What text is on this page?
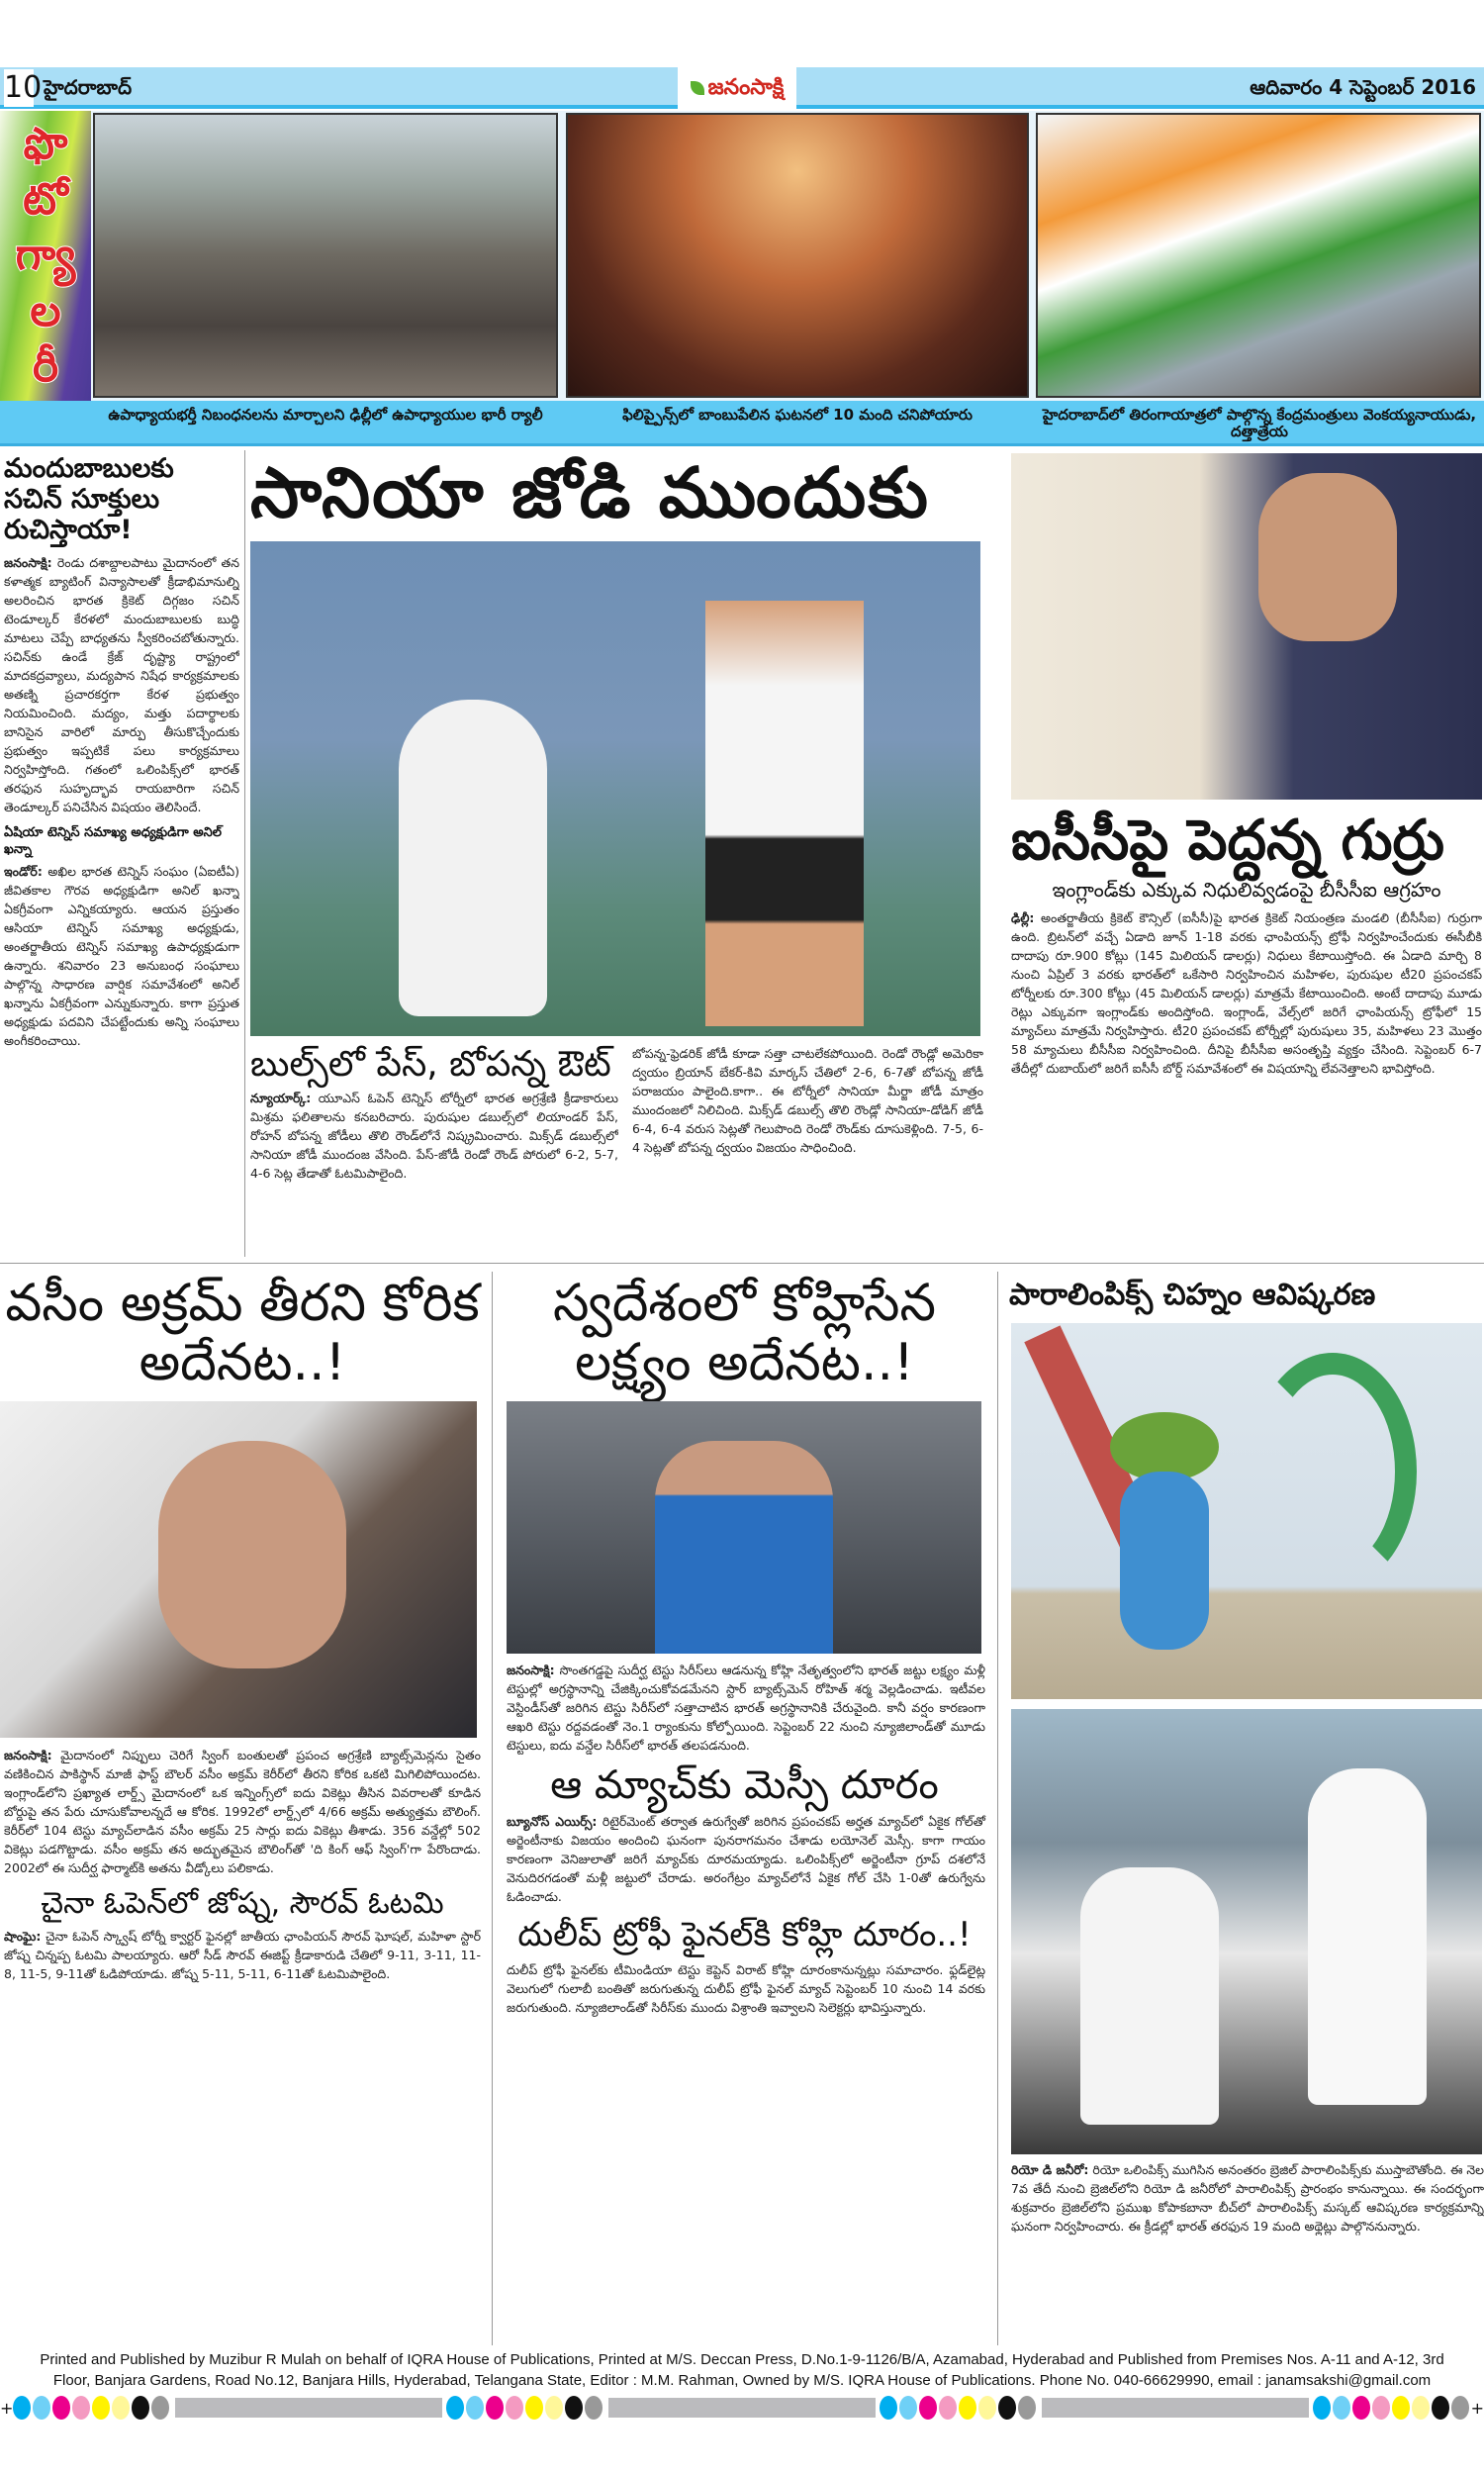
10 హైదరాబాద్	జనంసాక్షి	ఆదివారం 4 సెప్టెంబర్ 2016
ఫొ
టో
గ్యా
ల
రీ
ఉపాధ్యాయభర్తీ నిబంధనలను మార్చాలని ఢిల్లీలో ఉపాధ్యాయుల భారీ ర్యాలీ	ఫిలిప్పైన్స్‌లో బాంబుపేలిన ఘటనలో 10 మంది చనిపోయారు	హైదరాబాద్‌లో తిరంగాయాత్రలో పాల్గొన్న కేంద్రమంత్రులు వెంకయ్యనాయుడు, దత్తాత్రేయ
మందుబాబులకు సచిన్ సూక్తులు రుచిస్తాయా!
జనంసాక్షి: రెండు దశాబ్దాలపాటు మైదానంలో తన కళాత్మక బ్యాటింగ్ విన్యాసాలతో క్రీడాభిమానుల్ని అలరించిన భారత క్రికెట్ దిగ్గజం సచిన్ టెండూల్కర్ కేరళలో మందుబాబులకు బుద్ధి మాటలు చెప్పే బాధ్యతను స్వీకరించబోతున్నారు. సచిన్‌కు ఉండే క్రేజ్ దృష్ట్యా రాష్ట్రంలో మాదకద్రవ్యాలు, మద్యపాన నిషేధ కార్యక్రమాలకు అతణ్ని ప్రచారకర్తగా కేరళ ప్రభుత్వం నియమించింది. మద్యం, మత్తు పదార్థాలకు బానిసైన వారిలో మార్పు తీసుకొచ్చేందుకు ప్రభుత్వం ఇప్పటికే పలు కార్యక్రమాలు నిర్వహిస్తోంది. గతంలో ఒలింపిక్స్‌లో భారత్ తరఫున సుహృద్భావ రాయబారిగా సచిన్ తెండూల్కర్ పనిచేసిన విషయం తెలిసిందే.
ఏషియా టెన్నిస్ సమాఖ్య అధ్యక్షుడిగా అనిల్ ఖన్నా
ఇండోర్: అఖిల భారత టెన్నిస్ సంఘం (ఏఐటీఏ) జీవితకాల గౌరవ అధ్యక్షుడిగా అనిల్ ఖన్నా ఏకగ్రీవంగా ఎన్నికయ్యారు. ఆయన ప్రస్తుతం ఆసియా టెన్నిస్ సమాఖ్య అధ్యక్షుడు, అంతర్జాతీయ టెన్నిస్ సమాఖ్య ఉపాధ్యక్షుడుగా ఉన్నారు. శనివారం 23 అనుబంధ సంఘాలు పాల్గొన్న సాధారణ వార్షిక సమావేశంలో అనిల్ ఖన్నాను ఏకగ్రీవంగా ఎన్నుకున్నారు. కాగా ప్రస్తుత అధ్యక్షుడు పదవిని చేపట్టేందుకు అన్ని సంఘాలు అంగీకరించాయి.
సానియా జోడి ముందుకు
బుల్స్‌లో పేస్, బోపన్న ఔట్
న్యూయార్క్: యూఎస్ ఓపెన్ టెన్నిస్ టోర్నీలో భారత అగ్రశ్రేణి క్రీడాకారులు మిశ్రమ ఫలితాలను కనబరిచారు. పురుషుల డబుల్స్‌లో లియాండర్ పేస్, రోహన్ బోపన్న జోడీలు తొలి రౌండ్‌లోనే నిష్క్రమించారు. మిక్స్‌డ్ డబుల్స్‌లో సానియా జోడీ ముందంజ వేసింది. పేస్-జోడీ రెండో రౌండ్ పోరులో 6-2, 5-7, 4-6 సెట్ల తేడాతో ఓటమిపాలైంది.
బోపన్న-ఫ్రెడరిక్ జోడీ కూడా సత్తా చాటలేకపోయింది. రెండో రౌండ్లో అమెరికా ద్వయం బ్రియాన్ బేకర్-కివి మార్కస్ చేతిలో 2-6, 6-7తో బోపన్న జోడీ పరాజయం పాలైంది.కాగా.. ఈ టోర్నీలో సానియా మీర్జా జోడీ మాత్రం ముందంజలో నిలిచింది. మిక్స్‌డ్ డబుల్స్ తొలి రౌండ్లో సానియా-డోడిగ్ జోడీ 6-4, 6-4 వరుస సెట్లతో గెలుపొంది రెండో రౌండ్‌కు దూసుకెళ్లింది. 7-5, 6-4 సెట్లతో బోపన్న ద్వయం విజయం సాధించింది.
ఐసీసీపై పెద్దన్న గుర్రు
ఇంగ్లాండ్‌కు ఎక్కువ నిధులివ్వడంపై బీసీసీఐ ఆగ్రహం
ఢిల్లీ: అంతర్జాతీయ క్రికెట్ కౌన్సిల్ (ఐసీసీ)పై భారత క్రికెట్ నియంత్రణ మండలి (బీసీసీఐ) గుర్రుగా ఉంది. బ్రిటన్‌లో వచ్చే ఏడాది జూన్ 1-18 వరకు ఛాంపియన్స్ ట్రోఫీ నిర్వహించేందుకు ఈసీబీకి దాదాపు రూ.900 కోట్లు (145 మిలియన్ డాలర్లు) నిధులు కేటాయిస్తోంది. ఈ ఏడాది మార్చి 8 నుంచి ఏప్రిల్ 3 వరకు భారత్‌లో ఒకేసారి నిర్వహించిన మహిళల, పురుషుల టీ20 ప్రపంచకప్ టోర్నీలకు రూ.300 కోట్లు (45 మిలియన్ డాలర్లు) మాత్రమే కేటాయించింది. అంటే దాదాపు మూడు రెట్లు ఎక్కువగా ఇంగ్లాండ్‌కు అందిస్తోంది. ఇంగ్లాండ్, వేల్స్‌లో జరిగే ఛాంపియన్స్ ట్రోఫీలో 15 మ్యాచ్‌లు మాత్రమే నిర్వహిస్తారు. టీ20 ప్రపంచకప్ టోర్నీల్లో పురుషులు 35, మహిళలు 23 మొత్తం 58 మ్యాచులు బీసీసీఐ నిర్వహించింది. దీనిపై బీసీసీఐ అసంతృప్తి వ్యక్తం చేసింది. సెప్టెంబర్ 6-7 తేదీల్లో దుబాయ్‌లో జరిగే ఐసీసీ బోర్డ్ సమావేశంలో ఈ విషయాన్ని లేవనెత్తాలని భావిస్తోంది.
వసీం అక్రమ్ తీరని కోరిక అదేనట..!
జనంసాక్షి: మైదానంలో నిప్పులు చెరిగే స్వింగ్ బంతులతో ప్రపంచ అగ్రశ్రేణి బ్యాట్స్‌మెన్లను సైతం వణికించిన పాకిస్థాన్ మాజీ ఫాస్ట్ బౌలర్ వసీం అక్రమ్ కెరీర్‌లో తీరని కోరిక ఒకటి మిగిలిపోయిందట. ఇంగ్లాండ్‌లోని ప్రఖ్యాత లార్డ్స్ మైదానంలో ఒక ఇన్నింగ్స్‌లో ఐదు వికెట్లు తీసిన వివరాలతో కూడిన బోర్డుపై తన పేరు చూసుకోవాలన్నదే ఆ కోరిక. 1992లో లార్డ్స్‌లో 4/66 అక్రమ్ అత్యుత్తమ బౌలింగ్. కెరీర్‌లో 104 టెస్టు మ్యాచ్‌లాడిన వసీం అక్రమ్ 25 సార్లు ఐదు వికెట్లు తీశాడు. 356 వన్డేల్లో 502 వికెట్లు పడగొట్టాడు. వసీం అక్రమ్ తన అద్భుతమైన బౌలింగ్‌తో 'ది కింగ్ ఆఫ్ స్వింగ్'గా పేరొందాడు. 2002లో ఈ సుదీర్ఘ ఫార్మాట్‌కి అతను వీడ్కోలు పలికాడు.
చైనా ఓపెన్‌లో జోష్న, సౌరవ్ ఓటమి
షాంఘై: చైనా ఓపెన్ స్క్వాష్ టోర్నీ క్వార్టర్ ఫైనల్లో జాతీయ ఛాంపియన్ సౌరవ్ ఘోషల్, మహిళా స్టార్ జోష్న చిన్నప్ప ఓటమి పాలయ్యారు. ఆరో సీడ్ సౌరవ్ ఈజిప్ట్ క్రీడాకారుడి చేతిలో 9-11, 3-11, 11-8, 11-5, 9-11తో ఓడిపోయాడు. జోష్న 5-11, 5-11, 6-11తో ఓటమిపాలైంది.
స్వదేశంలో కోహ్లిసేన లక్ష్యం అదేనట..!
జనంసాక్షి: సొంతగడ్డపై సుదీర్ఘ టెస్టు సిరీస్‌లు ఆడనున్న కోహ్లి నేతృత్వంలోని భారత్ జట్టు లక్ష్యం మళ్లీ టెస్టుల్లో అగ్రస్థానాన్ని చేజిక్కించుకోవడమేనని స్టార్ బ్యాట్స్‌మెన్ రోహిత్ శర్మ వెల్లడించాడు. ఇటీవల వెస్టిండీస్‌తో జరిగిన టెస్టు సిరీస్‌లో సత్తాచాటిన భారత్ అగ్రస్థానానికి చేరువైంది. కానీ వర్షం కారణంగా ఆఖరి టెస్టు రద్దవడంతో నెం.1 ర్యాంకును కోల్పోయింది. సెప్టెంబర్ 22 నుంచి న్యూజిలాండ్‌తో మూడు టెస్టులు, ఐదు వన్డేల సిరీస్‌లో భారత్ తలపడనుంది.
ఆ మ్యాచ్‌కు మెస్సీ దూరం
బ్యూనోస్ ఎయిర్స్: రిటైర్‌మెంట్ తర్వాత ఉరుగ్వేతో జరిగిన ప్రపంచకప్ అర్హత మ్యాచ్‌లో ఏకైక గోల్‌తో అర్జెంటీనాకు విజయం అందించి ఘనంగా పునరాగమనం చేశాడు లయోనెల్ మెస్సీ. కాగా గాయం కారణంగా వెనిజులాతో జరిగే మ్యాచ్‌కు దూరమయ్యాడు. ఒలింపిక్స్‌లో అర్జెంటీనా గ్రూప్ దశలోనే వెనుదిరగడంతో మళ్లీ జట్టులో చేరాడు. అరంగేట్రం మ్యాచ్‌లోనే ఏకైక గోల్ చేసి 1-0తో ఉరుగ్వేను ఓడించాడు.
దులీప్ ట్రోఫీ ఫైనల్‌కి కోహ్లి దూరం..!
దులీప్ ట్రోఫీ ఫైనల్‌కు టీమిండియా టెస్టు కెప్టెన్ విరాట్ కోహ్లి దూరంకానున్నట్లు సమాచారం. ఫ్లడ్‌లైట్ల వెలుగులో గులాబీ బంతితో జరుగుతున్న దులీప్ ట్రోఫీ ఫైనల్ మ్యాచ్ సెప్టెంబర్ 10 నుంచి 14 వరకు జరుగుతుంది. న్యూజిలాండ్‌తో సిరీస్‌కు ముందు విశ్రాంతి ఇవ్వాలని సెలెక్టర్లు భావిస్తున్నారు.
పారాలింపిక్స్ చిహ్నం ఆవిష్కరణ
రియో డి జనీరో: రియో ఒలింపిక్స్ ముగిసిన అనంతరం బ్రెజిల్ పారాలింపిక్స్‌కు ముస్తాబౌతోంది. ఈ నెల 7వ తేదీ నుంచి బ్రెజిల్‌లోని రియో డి జనీరోలో పారాలింపిక్స్ ప్రారంభం కానున్నాయి. ఈ సందర్భంగా శుక్రవారం బ్రెజిల్‌లోని ప్రముఖ కోపాకబానా బీచ్‌లో పారాలింపిక్స్ మస్కట్ ఆవిష్కరణ కార్యక్రమాన్ని ఘనంగా నిర్వహించారు. ఈ క్రీడల్లో భారత్ తరఫున 19 మంది అథ్లెట్లు పాల్గొననున్నారు.
Printed and Published by Muzibur R Mulah on behalf of IQRA House of Publications, Printed at M/S. Deccan Press, D.No.1-9-1126/B/A, Azamabad, Hyderabad and Published from Premises Nos. A-11 and A-12, 3rd
Floor, Banjara Gardens, Road No.12, Banjara Hills, Hyderabad, Telangana State, Editor : M.M. Rahman, Owned by M/S. IQRA House of Publications. Phone No. 040-66629990, email : janamsakshi@gmail.com
+	+
